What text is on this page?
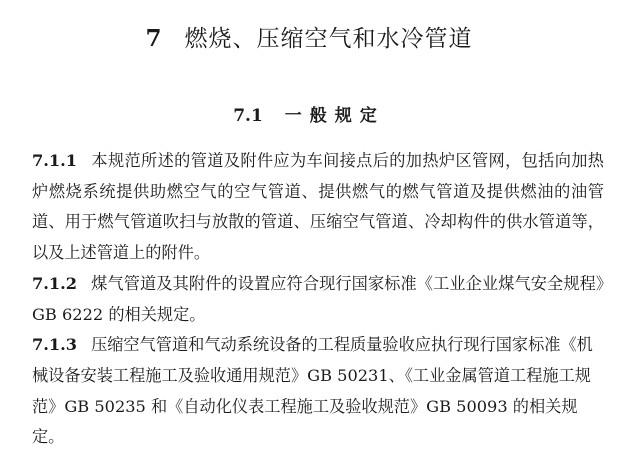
7 燃烧、压缩空气和水冷管道
7.1 一般规定

7.1.1 本规范所述的管道及附件应为车间接点后的加热炉区管网，包括向加热炉燃烧系统提供助燃空气的空气管道、提供燃气的燃气管道及提供燃油的油管道、用于燃气管道吹扫与放散的管道、压缩空气管道、冷却构件的供水管道等，以及上述管道上的附件。

7.1.2 煤气管道及其附件的设置应符合现行国家标准《工业企业煤气安全规程》GB 6222 的相关规定。

7.1.3 压缩空气管道和气动系统设备的工程质量验收应执行现行国家标准《机械设备安装工程施工及验收通用规范》GB 50231、《工业金属管道工程施工规范》GB 50235 和《自动化仪表工程施工及验收规范》GB 50093 的相关规定。
